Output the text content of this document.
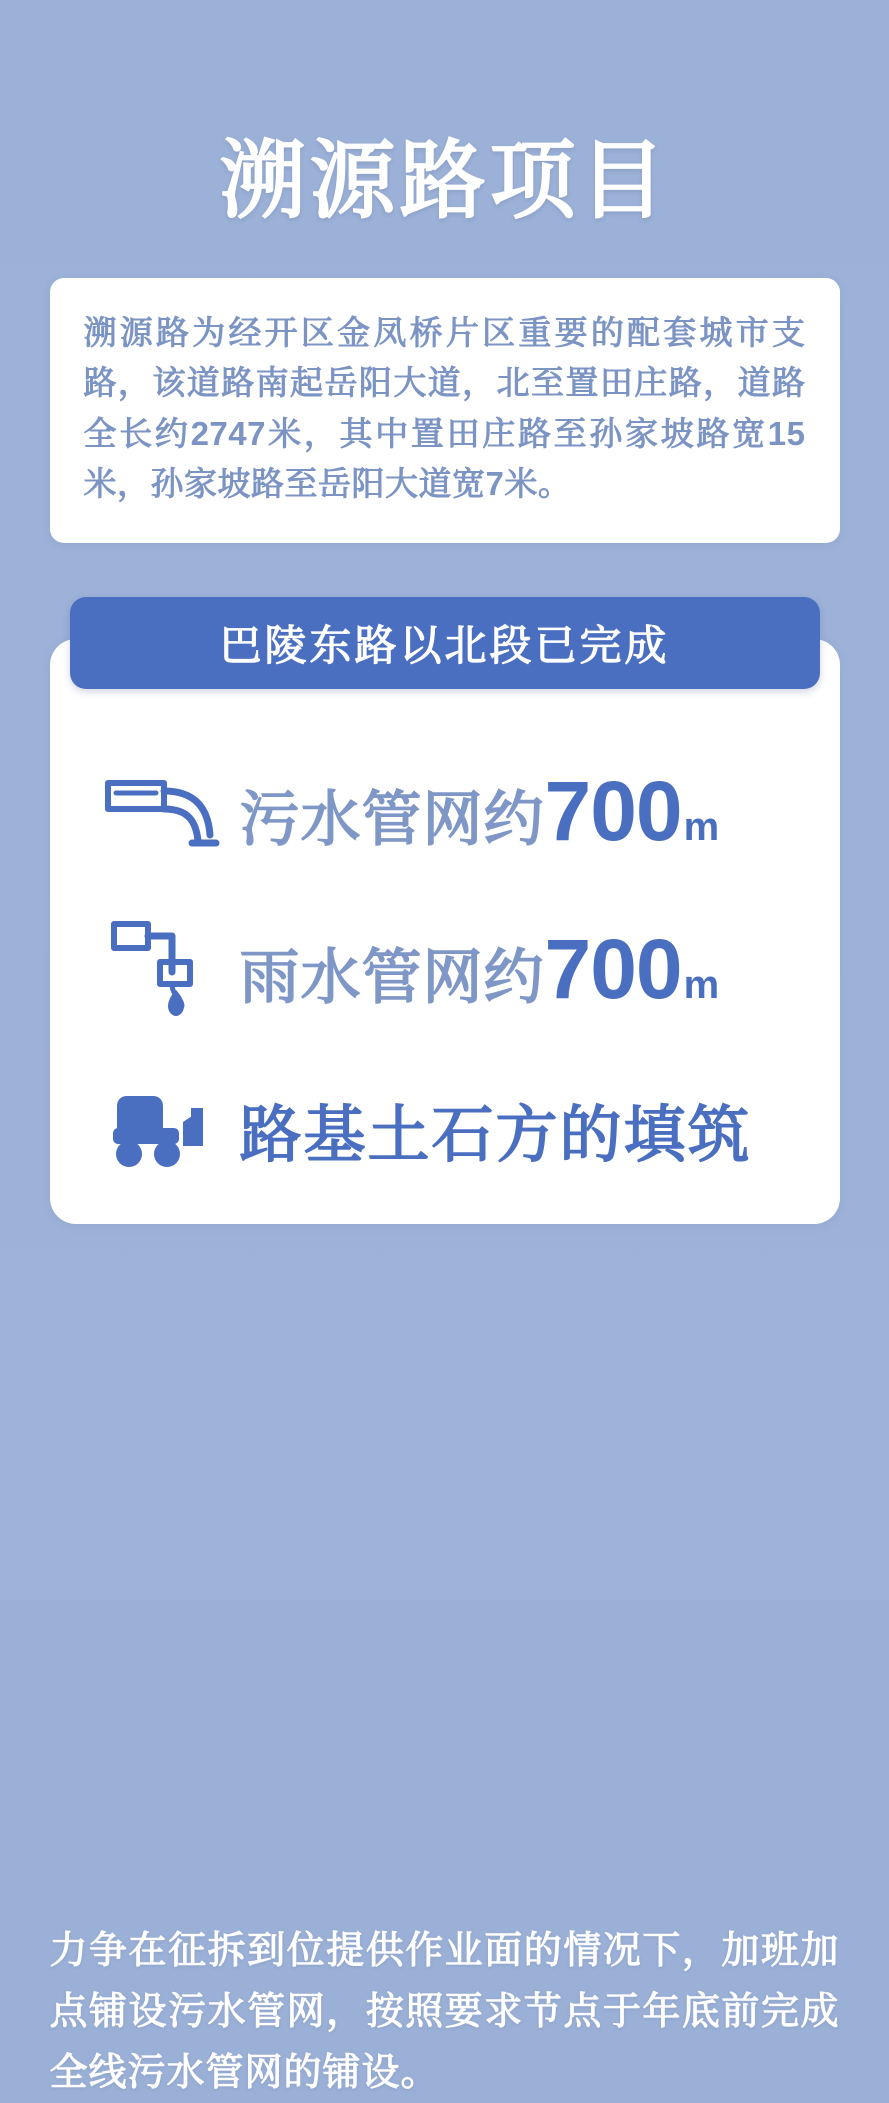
溯源路项目
溯源路为经开区金凤桥片区重要的配套城市支路，该道路南起岳阳大道，北至置田庄路，道路全长约2747米，其中置田庄路至孙家坡路宽15米，孙家坡路至岳阳大道宽7米。
巴陵东路以北段已完成
污水管网约 700 m
雨水管网约 700 m
路基土石方的填筑
力争在征拆到位提供作业面的情况下，加班加点铺设污水管网，按照要求节点于年底前完成全线污水管网的铺设。
